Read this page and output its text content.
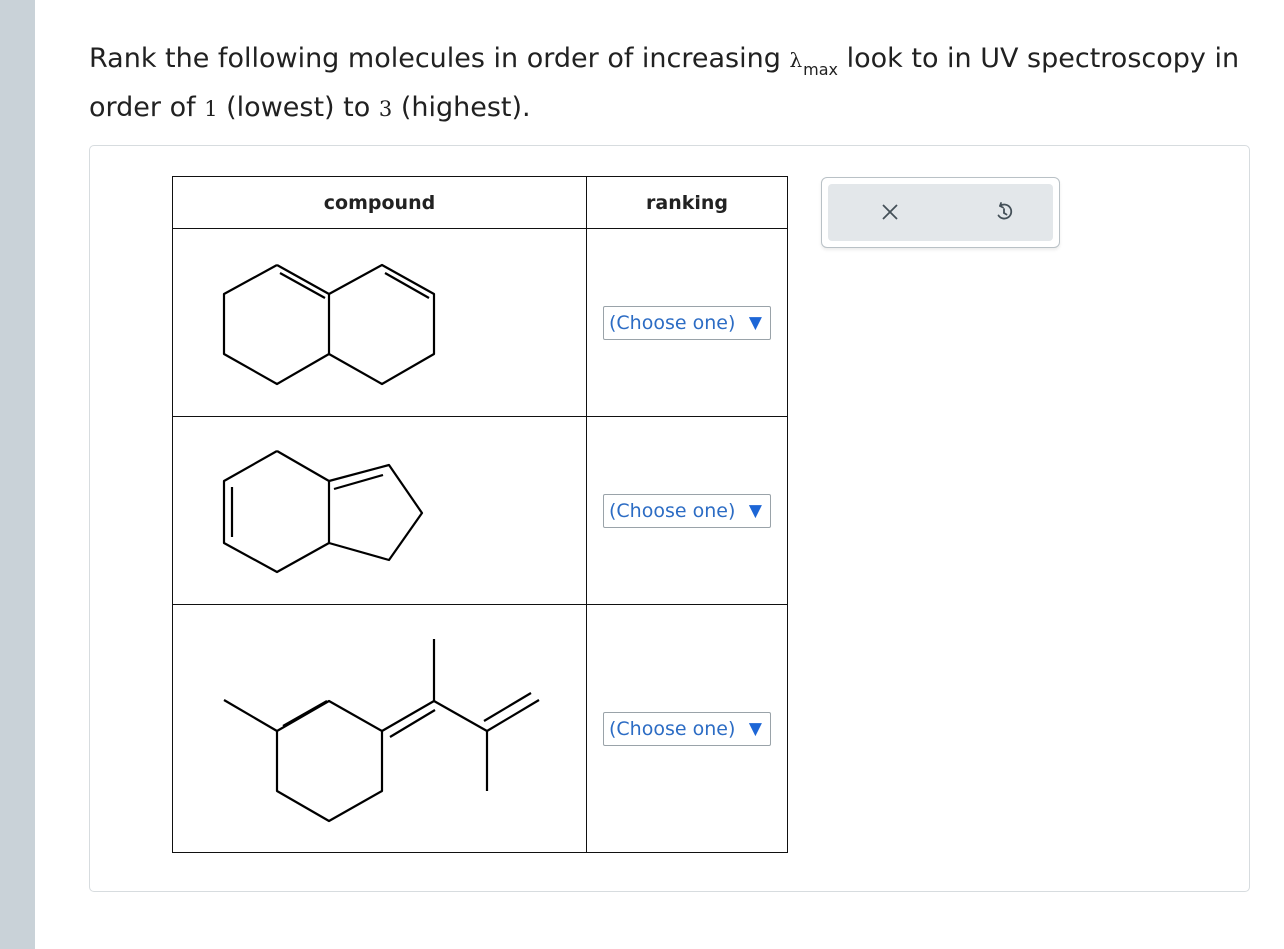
Rank the following molecules in order of increasing $\lambda_{max}$ look to in UV spectroscopy in order of 1 (lowest) to 3 (highest).
compound	ranking

(Choose one) ▼

(Choose one) ▼

(Choose one) ▼
